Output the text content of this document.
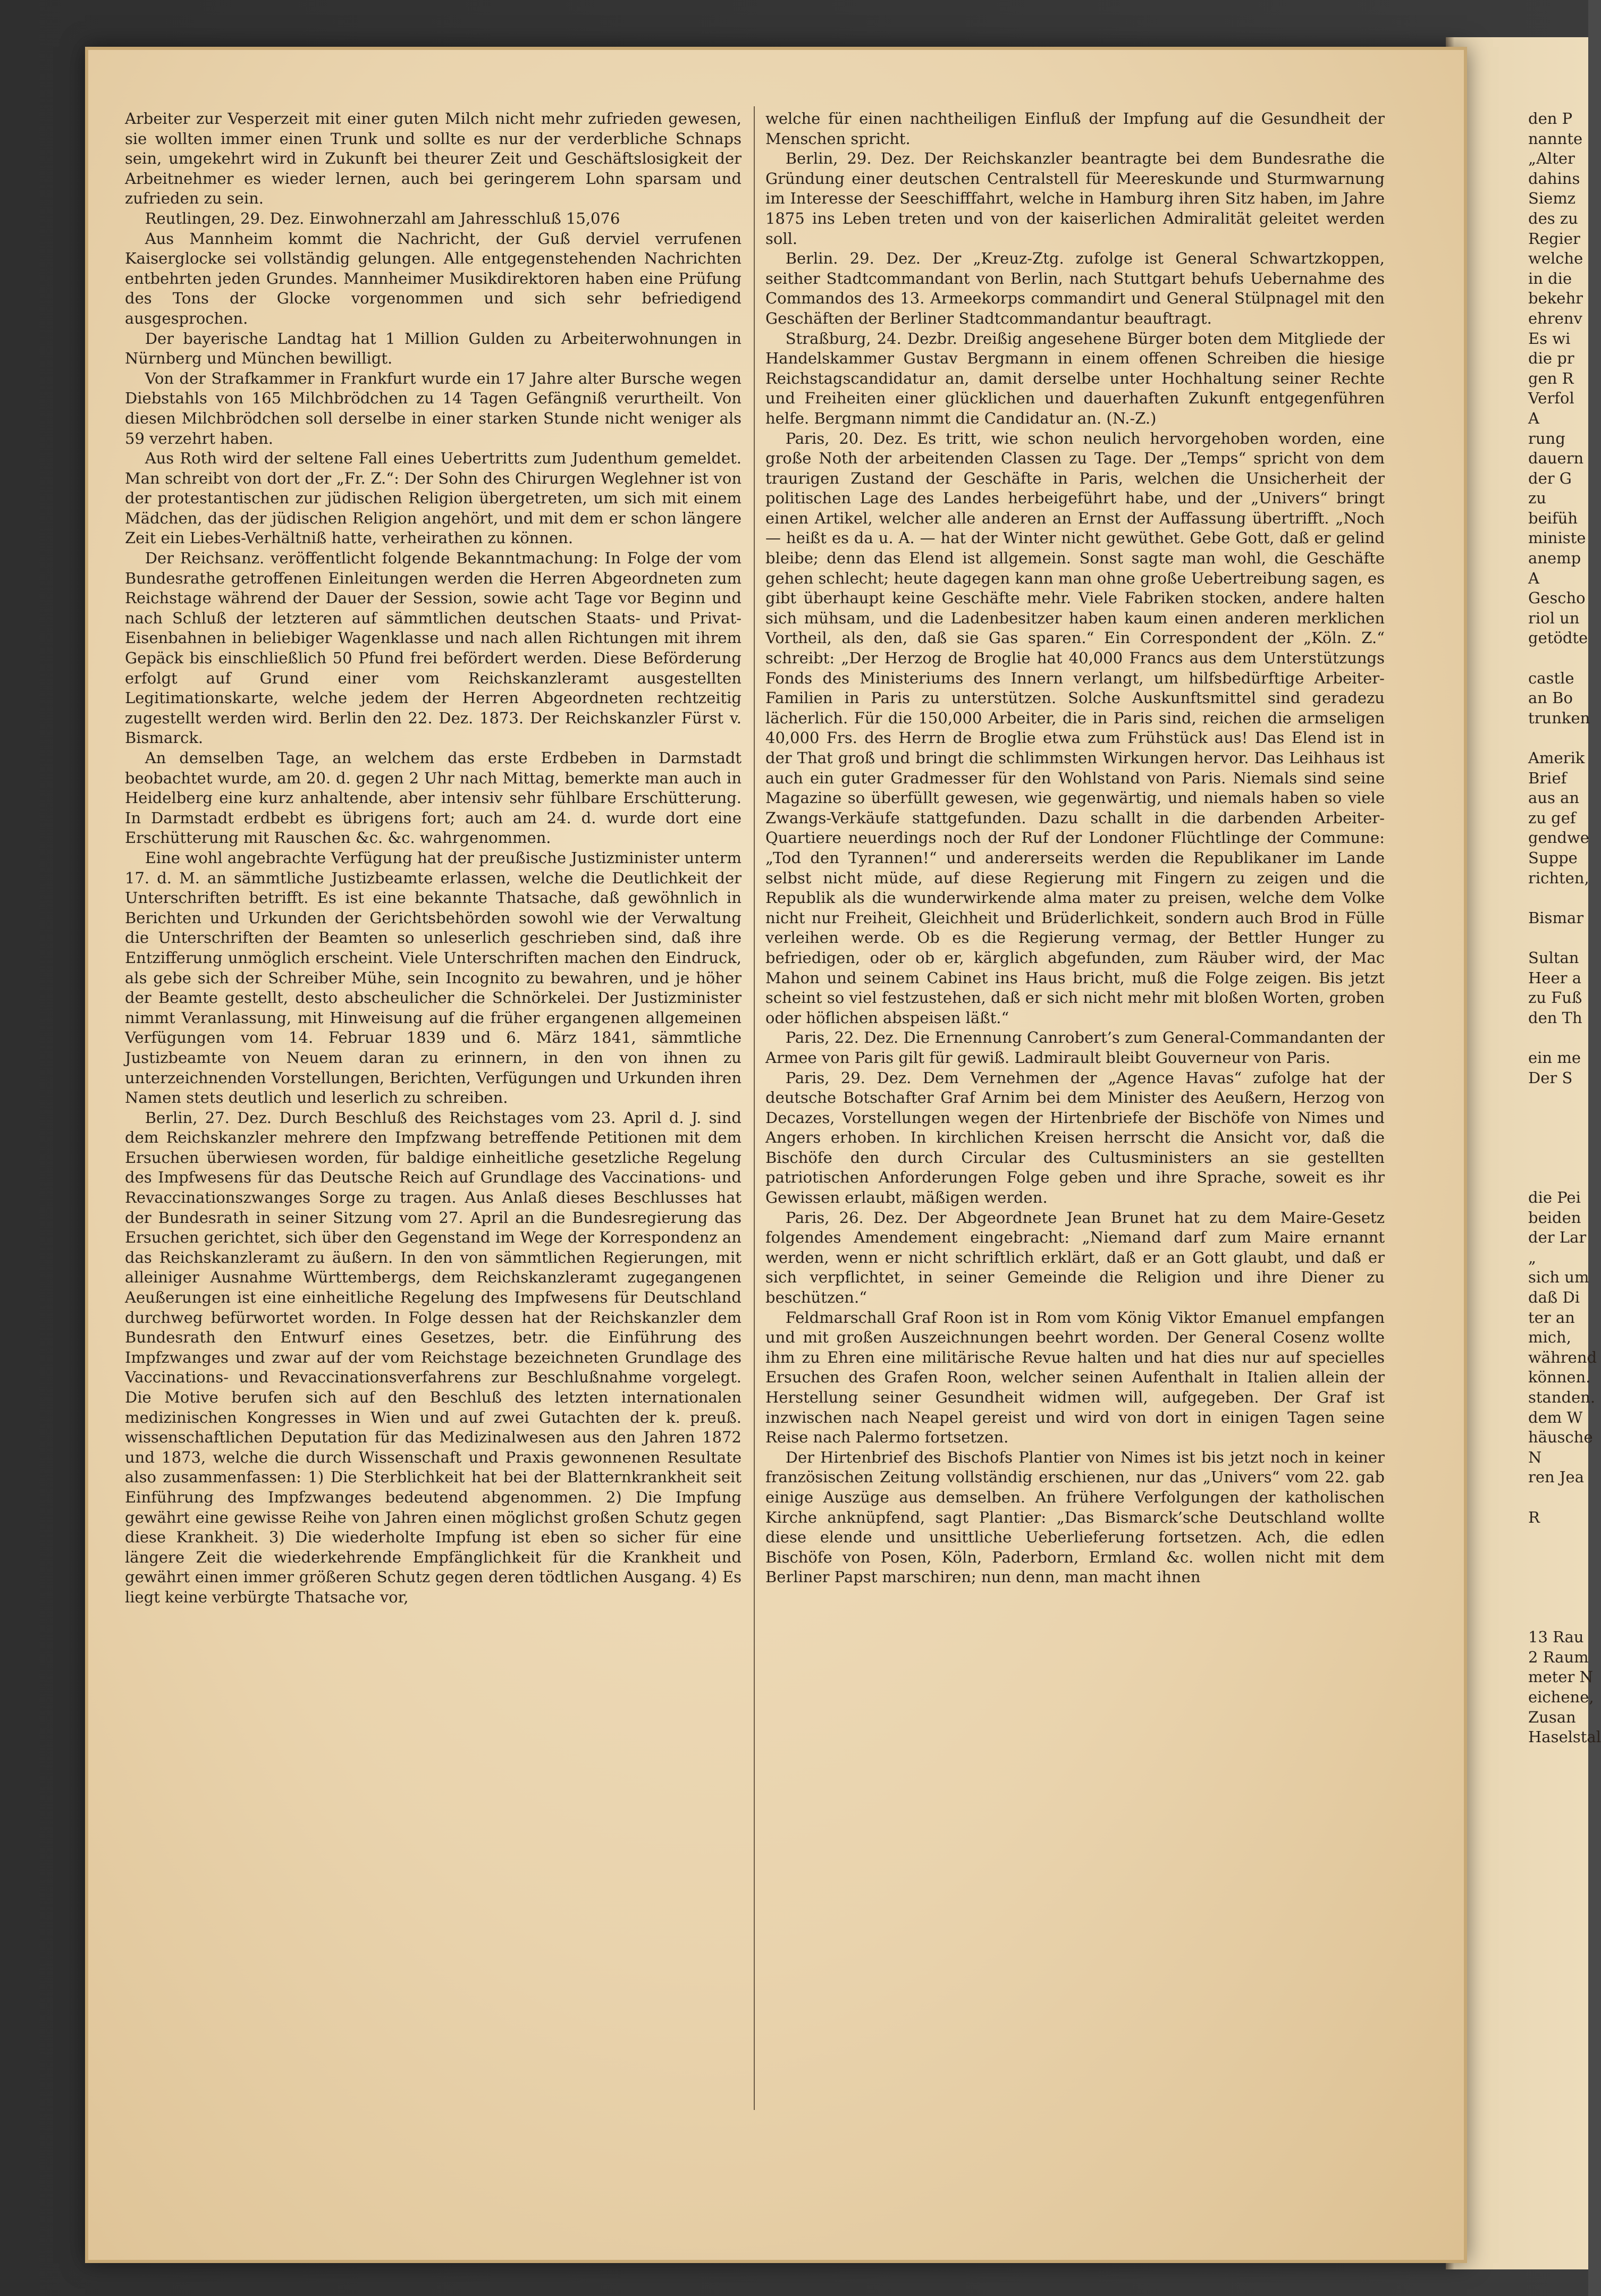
Arbeiter zur Vesperzeit mit einer guten Milch nicht mehr zufrieden gewesen, sie wollten immer einen Trunk und sollte es nur der verderbliche Schnaps sein, umgekehrt wird in Zukunft bei theurer Zeit und Geschäftslosigkeit der Arbeitnehmer es wieder lernen, auch bei geringerem Lohn sparsam und zufrieden zu sein.

Reutlingen, 29. Dez. Einwohnerzahl am Jahresschluß 15,076

Aus Mannheim kommt die Nachricht, der Guß derviel verrufenen Kaiserglocke sei vollständig gelungen. Alle entgegenstehenden Nachrichten entbehrten jeden Grundes. Mannheimer Musikdirektoren haben eine Prüfung des Tons der Glocke vorgenommen und sich sehr befriedigend ausgesprochen.

Der bayerische Landtag hat 1 Million Gulden zu Arbeiterwohnungen in Nürnberg und München bewilligt.

Von der Strafkammer in Frankfurt wurde ein 17 Jahre alter Bursche wegen Diebstahls von 165 Milchbrödchen zu 14 Tagen Gefängniß verurtheilt. Von diesen Milchbrödchen soll derselbe in einer starken Stunde nicht weniger als 59 verzehrt haben.

Aus Roth wird der seltene Fall eines Uebertritts zum Judenthum gemeldet. Man schreibt von dort der „Fr. Z.“: Der Sohn des Chirurgen Weglehner ist von der protestantischen zur jüdischen Religion übergetreten, um sich mit einem Mädchen, das der jüdischen Religion angehört, und mit dem er schon längere Zeit ein Liebes-Verhältniß hatte, verheirathen zu können.

Der Reichsanz. veröffentlicht folgende Bekanntmachung: In Folge der vom Bundesrathe getroffenen Einleitungen werden die Herren Abgeordneten zum Reichstage während der Dauer der Session, sowie acht Tage vor Beginn und nach Schluß der letzteren auf sämmtlichen deutschen Staats- und Privat-Eisenbahnen in beliebiger Wagenklasse und nach allen Richtungen mit ihrem Gepäck bis einschließlich 50 Pfund frei befördert werden. Diese Beförderung erfolgt auf Grund einer vom Reichskanzleramt ausgestellten Legitimationskarte, welche jedem der Herren Abgeordneten rechtzeitig zugestellt werden wird. Berlin den 22. Dez. 1873. Der Reichskanzler Fürst v. Bismarck.

An demselben Tage, an welchem das erste Erdbeben in Darmstadt beobachtet wurde, am 20. d. gegen 2 Uhr nach Mittag, bemerkte man auch in Heidelberg eine kurz anhaltende, aber intensiv sehr fühlbare Erschütterung. In Darmstadt erdbebt es übrigens fort; auch am 24. d. wurde dort eine Erschütterung mit Rauschen &c. &c. wahrgenommen.

Eine wohl angebrachte Verfügung hat der preußische Justizminister unterm 17. d. M. an sämmtliche Justizbeamte erlassen, welche die Deutlichkeit der Unterschriften betrifft. Es ist eine bekannte Thatsache, daß gewöhnlich in Berichten und Urkunden der Gerichtsbehörden sowohl wie der Verwaltung die Unterschriften der Beamten so unleserlich geschrieben sind, daß ihre Entzifferung unmöglich erscheint. Viele Unterschriften machen den Eindruck, als gebe sich der Schreiber Mühe, sein Incognito zu bewahren, und je höher der Beamte gestellt, desto abscheulicher die Schnörkelei. Der Justizminister nimmt Veranlassung, mit Hinweisung auf die früher ergangenen allgemeinen Verfügungen vom 14. Februar 1839 und 6. März 1841, sämmtliche Justizbeamte von Neuem daran zu erinnern, in den von ihnen zu unterzeichnenden Vorstellungen, Berichten, Verfügungen und Urkunden ihren Namen stets deutlich und leserlich zu schreiben.

Berlin, 27. Dez. Durch Beschluß des Reichstages vom 23. April d. J. sind dem Reichskanzler mehrere den Impfzwang betreffende Petitionen mit dem Ersuchen überwiesen worden, für baldige einheitliche gesetzliche Regelung des Impfwesens für das Deutsche Reich auf Grundlage des Vaccinations- und Revaccinationszwanges Sorge zu tragen. Aus Anlaß dieses Beschlusses hat der Bundesrath in seiner Sitzung vom 27. April an die Bundesregierung das Ersuchen gerichtet, sich über den Gegenstand im Wege der Korrespondenz an das Reichskanzleramt zu äußern. In den von sämmtlichen Regierungen, mit alleiniger Ausnahme Württembergs, dem Reichskanzleramt zugegangenen Aeußerungen ist eine einheitliche Regelung des Impfwesens für Deutschland durchweg befürwortet worden. In Folge dessen hat der Reichskanzler dem Bundesrath den Entwurf eines Gesetzes, betr. die Einführung des Impfzwanges und zwar auf der vom Reichstage bezeichneten Grundlage des Vaccinations- und Revaccinationsverfahrens zur Beschlußnahme vorgelegt. Die Motive berufen sich auf den Beschluß des letzten internationalen medizinischen Kongresses in Wien und auf zwei Gutachten der k. preuß. wissenschaftlichen Deputation für das Medizinalwesen aus den Jahren 1872 und 1873, welche die durch Wissenschaft und Praxis gewonnenen Resultate also zusammenfassen: 1) Die Sterblichkeit hat bei der Blatternkrankheit seit Einführung des Impfzwanges bedeutend abgenommen. 2) Die Impfung gewährt eine gewisse Reihe von Jahren einen möglichst großen Schutz gegen diese Krankheit. 3) Die wiederholte Impfung ist eben so sicher für eine längere Zeit die wiederkehrende Empfänglichkeit für die Krankheit und gewährt einen immer größeren Schutz gegen deren tödtlichen Ausgang. 4) Es liegt keine verbürgte Thatsache vor,

welche für einen nachtheiligen Einfluß der Impfung auf die Gesundheit der Menschen spricht.

Berlin, 29. Dez. Der Reichskanzler beantragte bei dem Bundesrathe die Gründung einer deutschen Centralstell für Meereskunde und Sturmwarnung im Interesse der Seeschifffahrt, welche in Hamburg ihren Sitz haben, im Jahre 1875 ins Leben treten und von der kaiserlichen Admiralität geleitet werden soll.

Berlin. 29. Dez. Der „Kreuz-Ztg. zufolge ist General Schwartzkoppen, seither Stadtcommandant von Berlin, nach Stuttgart behufs Uebernahme des Commandos des 13. Armeekorps commandirt und General Stülpnagel mit den Geschäften der Berliner Stadtcommandantur beauftragt.

Straßburg, 24. Dezbr. Dreißig angesehene Bürger boten dem Mitgliede der Handelskammer Gustav Bergmann in einem offenen Schreiben die hiesige Reichstagscandidatur an, damit derselbe unter Hochhaltung seiner Rechte und Freiheiten einer glücklichen und dauerhaften Zukunft entgegenführen helfe. Bergmann nimmt die Candidatur an. (N.-Z.)

Paris, 20. Dez. Es tritt, wie schon neulich hervorgehoben worden, eine große Noth der arbeitenden Classen zu Tage. Der „Temps“ spricht von dem traurigen Zustand der Geschäfte in Paris, welchen die Unsicherheit der politischen Lage des Landes herbeigeführt habe, und der „Univers“ bringt einen Artikel, welcher alle anderen an Ernst der Auffassung übertrifft. „Noch — heißt es da u. A. — hat der Winter nicht gewüthet. Gebe Gott, daß er gelind bleibe; denn das Elend ist allgemein. Sonst sagte man wohl, die Geschäfte gehen schlecht; heute dagegen kann man ohne große Uebertreibung sagen, es gibt überhaupt keine Geschäfte mehr. Viele Fabriken stocken, andere halten sich mühsam, und die Ladenbesitzer haben kaum einen anderen merklichen Vortheil, als den, daß sie Gas sparen.“ Ein Correspondent der „Köln. Z.“ schreibt: „Der Herzog de Broglie hat 40,000 Francs aus dem Unterstützungs Fonds des Ministeriums des Innern verlangt, um hilfsbedürftige Arbeiter-Familien in Paris zu unterstützen. Solche Auskunftsmittel sind geradezu lächerlich. Für die 150,000 Arbeiter, die in Paris sind, reichen die armseligen 40,000 Frs. des Herrn de Broglie etwa zum Frühstück aus! Das Elend ist in der That groß und bringt die schlimmsten Wirkungen hervor. Das Leihhaus ist auch ein guter Gradmesser für den Wohlstand von Paris. Niemals sind seine Magazine so überfüllt gewesen, wie gegenwärtig, und niemals haben so viele Zwangs-Verkäufe stattgefunden. Dazu schallt in die darbenden Arbeiter-Quartiere neuerdings noch der Ruf der Londoner Flüchtlinge der Commune: „Tod den Tyrannen!“ und andererseits werden die Republikaner im Lande selbst nicht müde, auf diese Regierung mit Fingern zu zeigen und die Republik als die wunderwirkende alma mater zu preisen, welche dem Volke nicht nur Freiheit, Gleichheit und Brüderlichkeit, sondern auch Brod in Fülle verleihen werde. Ob es die Regierung vermag, der Bettler Hunger zu befriedigen, oder ob er, kärglich abgefunden, zum Räuber wird, der Mac Mahon und seinem Cabinet ins Haus bricht, muß die Folge zeigen. Bis jetzt scheint so viel festzustehen, daß er sich nicht mehr mit bloßen Worten, groben oder höflichen abspeisen läßt.“

Paris, 22. Dez. Die Ernennung Canrobert’s zum General-Commandanten der Armee von Paris gilt für gewiß. Ladmirault bleibt Gouverneur von Paris.

Paris, 29. Dez. Dem Vernehmen der „Agence Havas“ zufolge hat der deutsche Botschafter Graf Arnim bei dem Minister des Aeußern, Herzog von Decazes, Vorstellungen wegen der Hirtenbriefe der Bischöfe von Nimes und Angers erhoben. In kirchlichen Kreisen herrscht die Ansicht vor, daß die Bischöfe den durch Circular des Cultusministers an sie gestellten patriotischen Anforderungen Folge geben und ihre Sprache, soweit es ihr Gewissen erlaubt, mäßigen werden.

Paris, 26. Dez. Der Abgeordnete Jean Brunet hat zu dem Maire-Gesetz folgendes Amendement eingebracht: „Niemand darf zum Maire ernannt werden, wenn er nicht schriftlich erklärt, daß er an Gott glaubt, und daß er sich verpflichtet, in seiner Gemeinde die Religion und ihre Diener zu beschützen.“

Feldmarschall Graf Roon ist in Rom vom König Viktor Emanuel empfangen und mit großen Auszeichnungen beehrt worden. Der General Cosenz wollte ihm zu Ehren eine militärische Revue halten und hat dies nur auf specielles Ersuchen des Grafen Roon, welcher seinen Aufenthalt in Italien allein der Herstellung seiner Gesundheit widmen will, aufgegeben. Der Graf ist inzwischen nach Neapel gereist und wird von dort in einigen Tagen seine Reise nach Palermo fortsetzen.

Der Hirtenbrief des Bischofs Plantier von Nimes ist bis jetzt noch in keiner französischen Zeitung vollständig erschienen, nur das „Univers“ vom 22. gab einige Auszüge aus demselben. An frühere Verfolgungen der katholischen Kirche anknüpfend, sagt Plantier: „Das Bismarck’sche Deutschland wollte diese elende und unsittliche Ueberlieferung fortsetzen. Ach, die edlen Bischöfe von Posen, Köln, Paderborn, Ermland &c. wollen nicht mit dem Berliner Papst marschiren; nun denn, man macht ihnen

den P
nannte
„Alter
dahins
Siemz
des zu
Regier
welche
in die
bekehr
ehrenv
Es wi
die pr
gen R
Verfol
A
rung
dauern
der G
zu
beifüh
ministe
anemp
A
Gescho
riol un
getödte
castle
an Bo
trunken
Amerik
Brief
aus an
zu gef
gendwe
Suppe
richten,
Bismar
Sultan
Heer a
zu Fuß
den Th
ein me
Der S
die Pei
beiden
der Lar
„
sich um
daß Di
ter an
mich,
während
können.
standen.
dem W
häusche
N
ren Jea
R
13 Rau
2 Raum
meter N
eichene,
Zusan
Haselstal
